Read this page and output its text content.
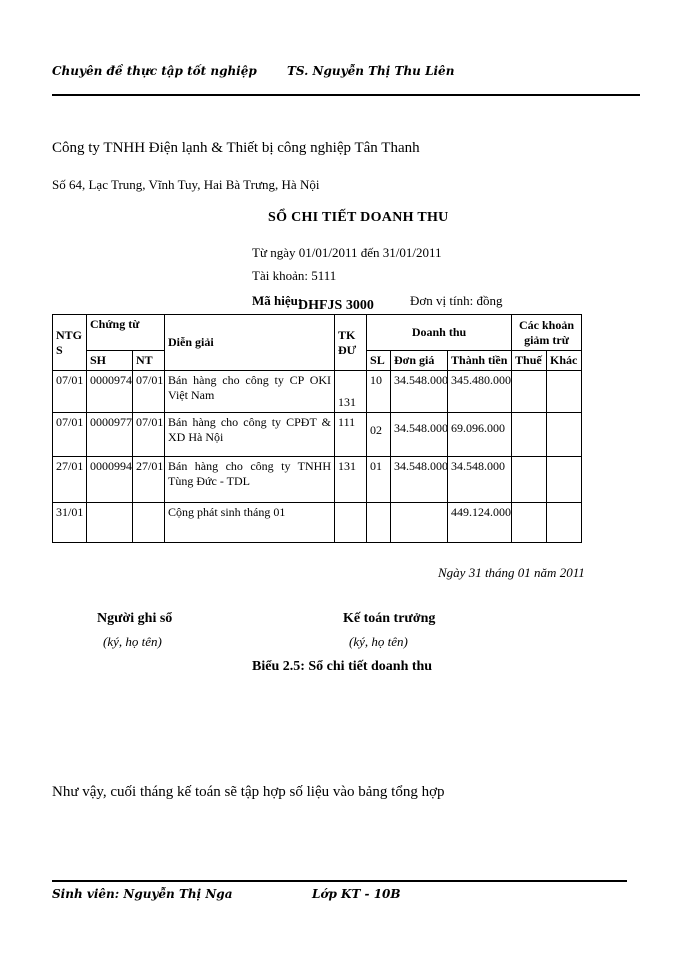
Chuyên đề thực tập tốt nghiệp	TS. Nguyễn Thị Thu Liên
Công ty TNHH Điện lạnh & Thiết bị công nghiệp Tân Thanh
Số 64, Lạc Trung, Vĩnh Tuy, Hai Bà Trưng, Hà Nội
SỔ CHI TIẾT DOANH THU
Từ ngày 01/01/2011 đến 31/01/2011
Tài khoản: 5111
Mã hiệu:
DHFJS 3000	Đơn vị tính: đồng
NTG S	Chứng từ		Diễn giải	TK ĐƯ	Doanh thu			Các khoản giảm trừ	
	SH	NT			SL	Đơn giá	Thành tiền	Thuế	Khác
07/01	0000974	07/01	Bán hàng cho công ty CP OKI Việt Nam	131	10	34.548.000	345.480.000		
07/01	0000977	07/01	Bán hàng cho công ty CPĐT & XD Hà Nội	111	02	34.548.000	69.096.000		
27/01	0000994	27/01	Bán hàng cho công ty TNHH Tùng Đức - TDL	131	01	34.548.000	34.548.000		
31/01			Cộng phát sinh tháng 01				449.124.000		
Ngày 31 tháng 01 năm 2011
Người ghi sổ
(ký, họ tên)
Kế toán trưởng
(ký, họ tên)
Biểu 2.5: Sổ chi tiết doanh thu
Như vậy, cuối tháng kế toán sẽ tập hợp số liệu vào bảng tổng hợp
Sinh viên: Nguyễn Thị Nga	Lớp KT - 10B
